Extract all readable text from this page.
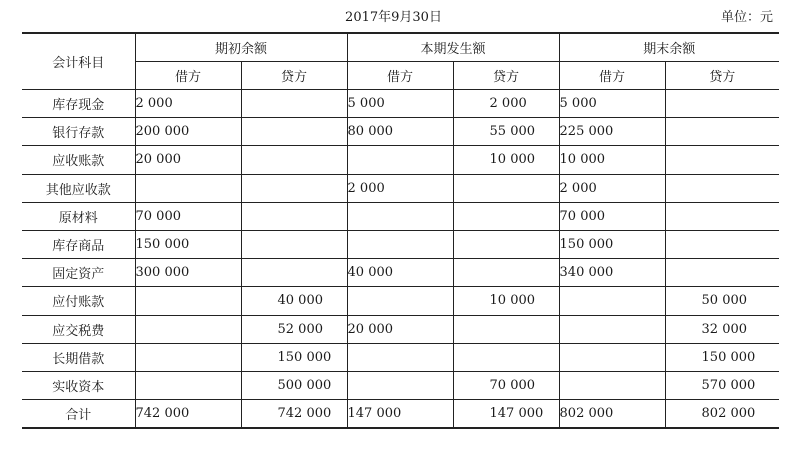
2017年9月30日	单位：元
会计科目	期初余额		本期发生额		期末余额	
	借方	贷方	借方	贷方	借方	贷方
库存现金	2 000		5 000	2 000	5 000	
银行存款	200 000		80 000	55 000	225 000	
应收账款	20 000			10 000	10 000	
其他应收款			2 000		2 000	
原材料	70 000				70 000	
库存商品	150 000				150 000	
固定资产	300 000		40 000		340 000	
应付账款		40 000		10 000		50 000
应交税费		52 000	20 000			32 000
长期借款		150 000				150 000
实收资本		500 000		70 000		570 000
合计	742 000	742 000	147 000	147 000	802 000	802 000
